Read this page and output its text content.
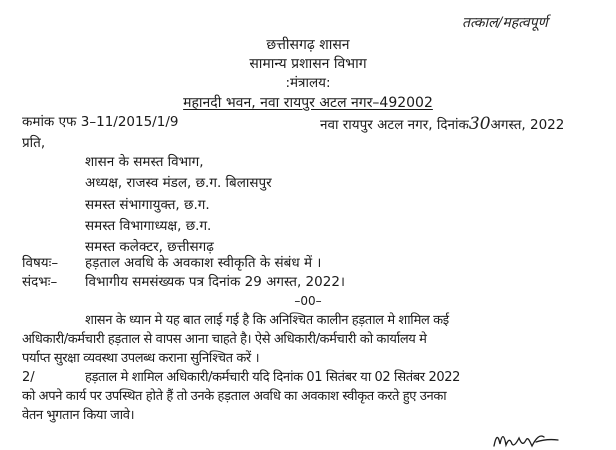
तत्काल/महत्वपूर्ण
छत्तीसगढ़ शासन
सामान्य प्रशासन विभाग
:मंत्रालय:
महानदी भवन, नवा रायपुर अटल नगर–492002
कमांक एफ 3–11/2015/1/9	नवा रायपुर अटल नगर, दिनांक30अगस्त, 2022
प्रति,
शासन के समस्त विभाग,
अध्यक्ष, राजस्व मंडल, छ.ग. बिलासपुर
समस्त संभागायुक्त, छ.ग.
समस्त विभागाध्यक्ष, छ.ग.
समस्त कलेक्टर, छत्तीसगढ़
विषयः– हड़ताल अवधि के अवकाश स्वीकृति के संबंध में ।
संदभः– विभागीय समसंख्यक पत्र दिनांक 29 अगस्त, 2022।
–00–
शासन के ध्यान मे यह बात लाई गई है कि अनिश्चित कालीन हड़ताल मे शामिल कई
अधिकारी/कर्मचारी हड़ताल से वापस आना चाहते है। ऐसे अधिकारी/कर्मचारी को कार्यालय मे
पर्याप्त सुरक्षा व्यवस्था उपलब्ध कराना सुनिश्चित करें ।
2/	हड़ताल मे शामिल अधिकारी/कर्मचारी यदि दिनांक 01 सितंबर या 02 सितंबर 2022
को अपने कार्य पर उपस्थित होते हैं तो उनके हड़ताल अवधि का अवकाश स्वीकृत करते हुए उनका
वेतन भुगतान किया जावे।
